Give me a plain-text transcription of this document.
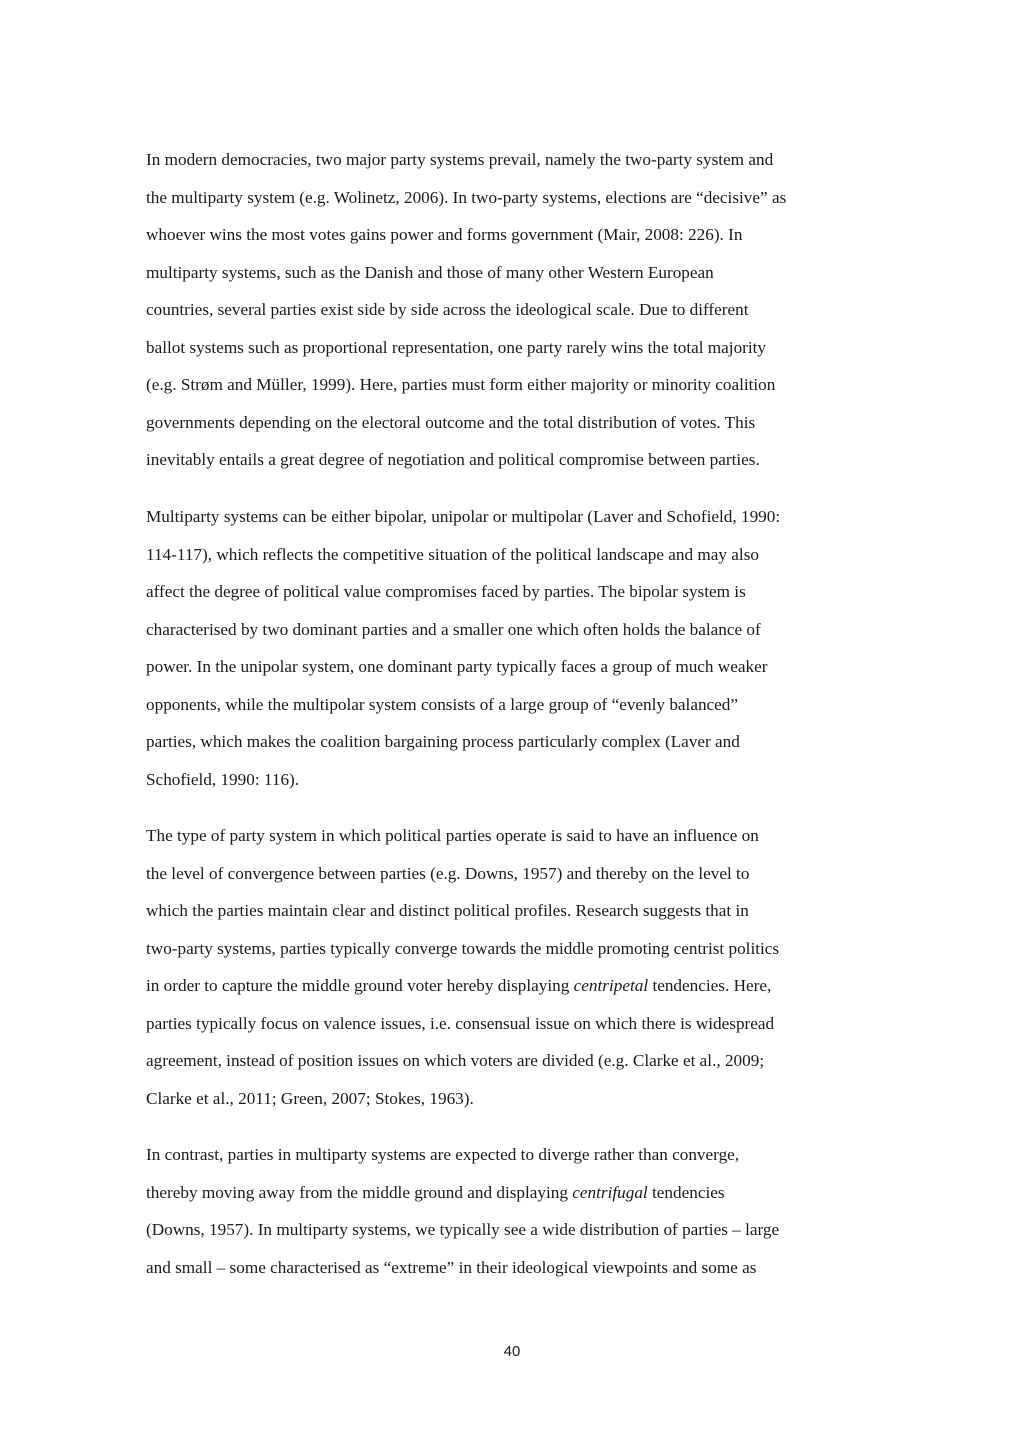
In modern democracies, two major party systems prevail, namely the two-party system and
the multiparty system (e.g. Wolinetz, 2006). In two-party systems, elections are “decisive” as
whoever wins the most votes gains power and forms government (Mair, 2008: 226). In
multiparty systems, such as the Danish and those of many other Western European
countries, several parties exist side by side across the ideological scale. Due to different
ballot systems such as proportional representation, one party rarely wins the total majority
(e.g. Strøm and Müller, 1999). Here, parties must form either majority or minority coalition
governments depending on the electoral outcome and the total distribution of votes. This
inevitably entails a great degree of negotiation and political compromise between parties.
Multiparty systems can be either bipolar, unipolar or multipolar (Laver and Schofield, 1990:
114-117), which reflects the competitive situation of the political landscape and may also
affect the degree of political value compromises faced by parties. The bipolar system is
characterised by two dominant parties and a smaller one which often holds the balance of
power. In the unipolar system, one dominant party typically faces a group of much weaker
opponents, while the multipolar system consists of a large group of “evenly balanced”
parties, which makes the coalition bargaining process particularly complex (Laver and
Schofield, 1990: 116).
The type of party system in which political parties operate is said to have an influence on
the level of convergence between parties (e.g. Downs, 1957) and thereby on the level to
which the parties maintain clear and distinct political profiles. Research suggests that in
two-party systems, parties typically converge towards the middle promoting centrist politics
in order to capture the middle ground voter hereby displaying centripetal tendencies. Here,
parties typically focus on valence issues, i.e. consensual issue on which there is widespread
agreement, instead of position issues on which voters are divided (e.g. Clarke et al., 2009;
Clarke et al., 2011; Green, 2007; Stokes, 1963).
In contrast, parties in multiparty systems are expected to diverge rather than converge,
thereby moving away from the middle ground and displaying centrifugal tendencies
(Downs, 1957). In multiparty systems, we typically see a wide distribution of parties – large
and small – some characterised as “extreme” in their ideological viewpoints and some as
40
